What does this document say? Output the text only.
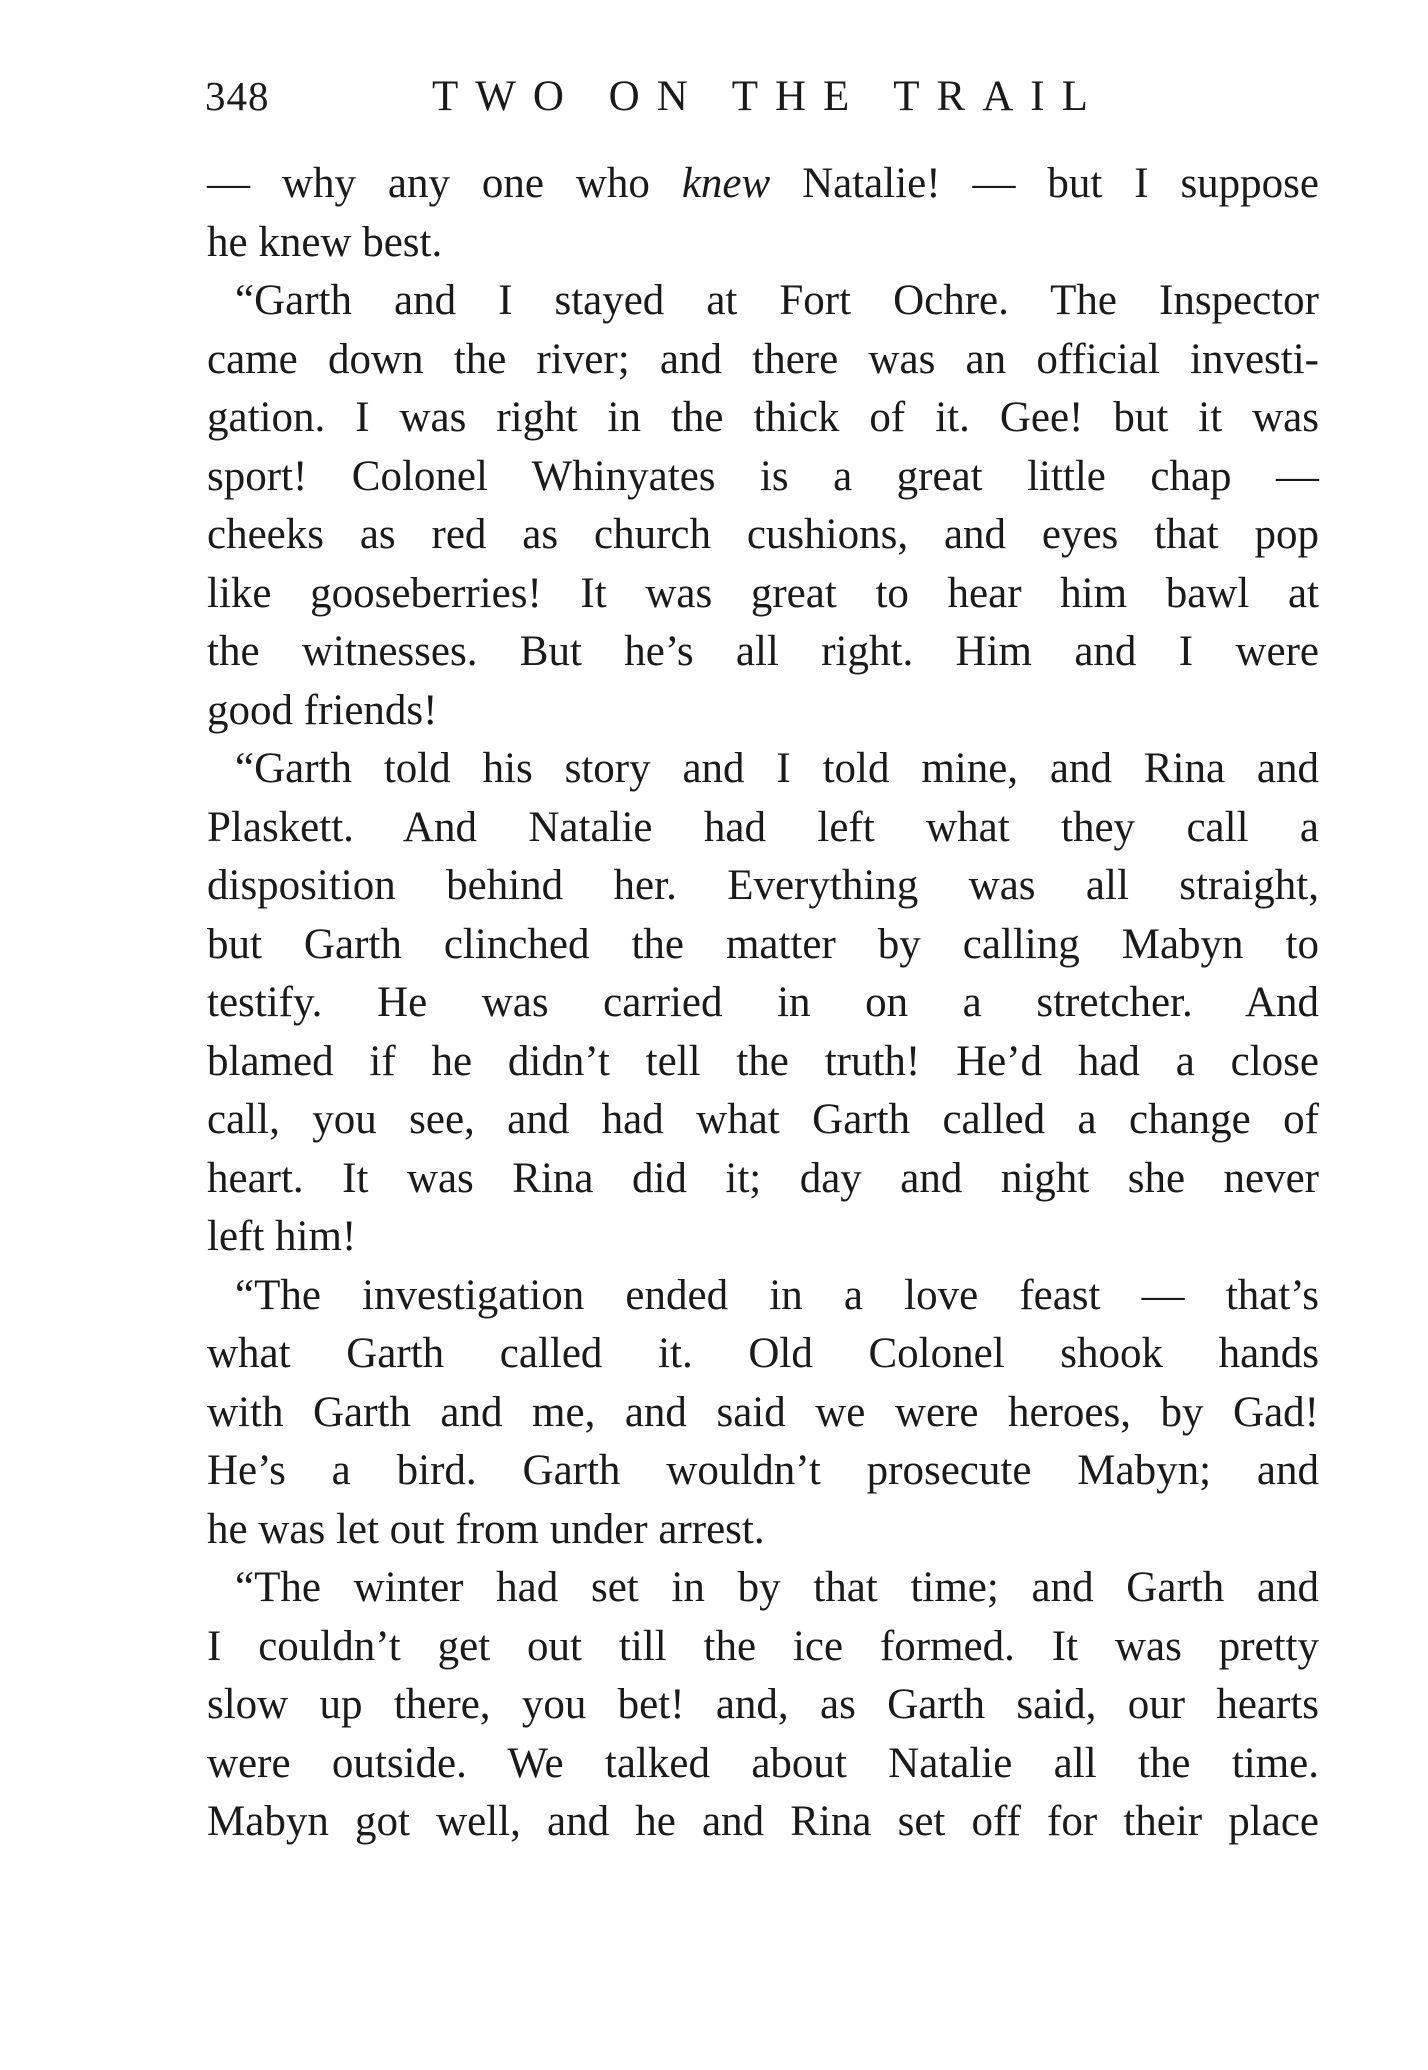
348	TWO ON THE TRAIL
— why any one who knew Natalie! — but I suppose
he knew best.
“Garth and I stayed at Fort Ochre. The Inspector
came down the river; and there was an official investi-
gation. I was right in the thick of it. Gee! but it was
sport! Colonel Whinyates is a great little chap —
cheeks as red as church cushions, and eyes that pop
like gooseberries! It was great to hear him bawl at
the witnesses. But he’s all right. Him and I were
good friends!
“Garth told his story and I told mine, and Rina and
Plaskett. And Natalie had left what they call a
disposition behind her. Everything was all straight,
but Garth clinched the matter by calling Mabyn to
testify. He was carried in on a stretcher. And
blamed if he didn’t tell the truth! He’d had a close
call, you see, and had what Garth called a change of
heart. It was Rina did it; day and night she never
left him!
“The investigation ended in a love feast — that’s
what Garth called it. Old Colonel shook hands
with Garth and me, and said we were heroes, by Gad!
He’s a bird. Garth wouldn’t prosecute Mabyn; and
he was let out from under arrest.
“The winter had set in by that time; and Garth and
I couldn’t get out till the ice formed. It was pretty
slow up there, you bet! and, as Garth said, our hearts
were outside. We talked about Natalie all the time.
Mabyn got well, and he and Rina set off for their place
